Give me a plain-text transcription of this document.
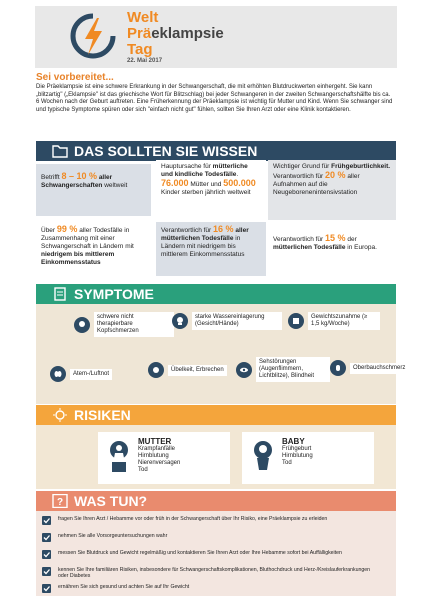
Welt
Präeklampsie
Tag
22. Mai 2017
Sei vorbereitet...
Die Präeklampsie ist eine schwere Erkrankung in der Schwangerschaft, die mit erhöhten Blutdruckwerten einhergeht. Sie kann „blitzartig" („Eklampsie" ist das griechische Wort für Blitzschlag) bei jeder Schwangeren in der zweiten Schwangerschaftshälfte bis ca. 6 Wochen nach der Geburt auftreten. Eine Früherkennung der Präeklampsie ist wichtig für Mutter und Kind. Wenn Sie schwanger sind und typische Symptome spüren oder sich "einfach nicht gut" fühlen, sollten Sie Ihren Arzt oder eine Klinik kontaktieren.
DAS SOLLTEN SIE WISSEN
Betrifft 8 – 10 % aller Schwangerschaften weltweit
Hauptursache für mütterliche und kindliche Todesfälle. 76.000 Mütter und 500.000 Kinder sterben jährlich weltweit
Wichtiger Grund für Frühgeburtlichkeit. Verantwortlich für 20 % aller Aufnahmen auf die Neugeborenenintensivstation
Über 99 % aller Todesfälle in Zusammenhang mit einer Schwangerschaft in Ländern mit niedrigem bis mittlerem Einkommensstatus
Verantwortlich für 16 % aller mütterlichen Todesfälle in Ländern mit niedrigem bis mittlerem Einkommensstatus
Verantwortlich für 15 % der mütterlichen Todesfälle in Europa.
SYMPTOME
schwere nicht therapierbare Kopfschmerzen
starke Wassereinlagerung (Gesicht/Hände)
Gewichtszunahme (≥ 1,5 kg/Woche)
Atem-/Luftnot
Übelkeit, Erbrechen
Sehstörungen (Augenflimmern, Lichtblitze), Blindheit
Oberbauchschmerz
RISIKEN
MUTTER
Krampfanfälle
Hirnblutung
Nierenversagen
Tod
BABY
Frühgeburt
Hirnblutung
Tod
? WAS TUN?
fragen Sie Ihren Arzt / Hebamme vor oder früh in der Schwangerschaft über Ihr Risiko, eine Präeklampsie zu erleiden
nehmen Sie alle Vorsorgeuntersuchungen wahr
messen Sie Blutdruck und Gewicht regelmäßig und kontaktieren Sie Ihren Arzt oder Ihre Hebamme sofort bei Auffälligkeiten
kennen Sie Ihre familiären Risiken, insbesondere für Schwangerschaftskomplikationen, Bluthochdruck und Herz-/Kreislauferkrankungen oder Diabetes
ernähren Sie sich gesund und achten Sie auf Ihr Gewicht
